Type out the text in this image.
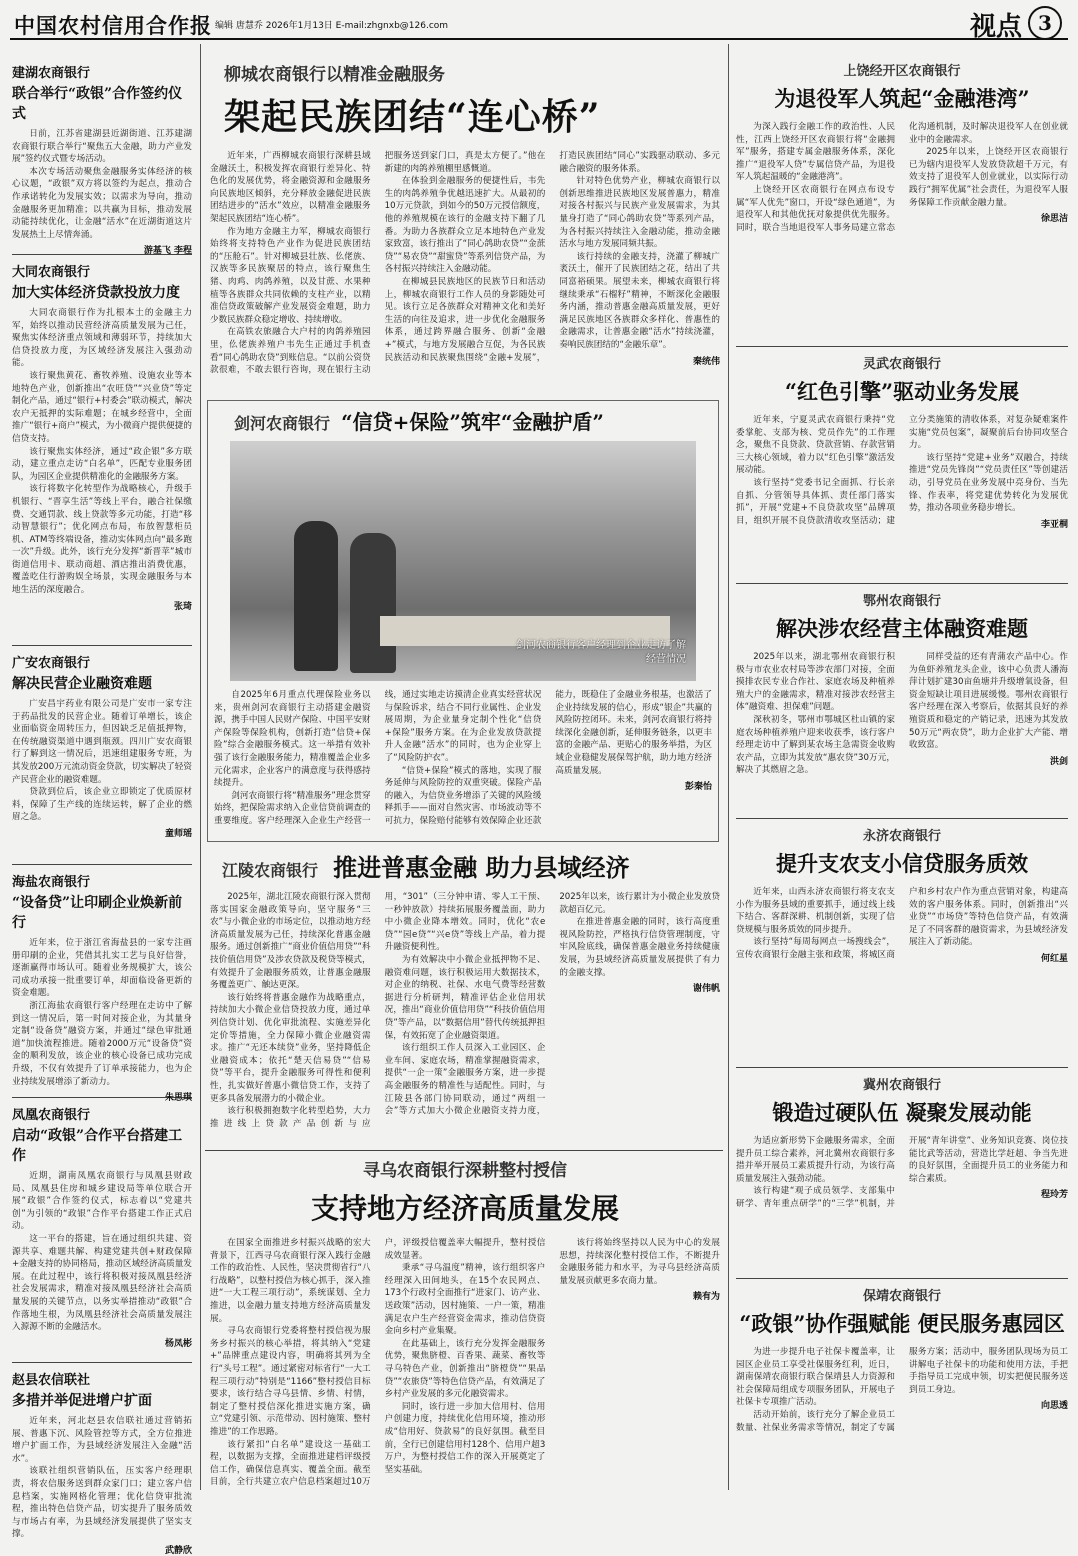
中国农村信用合作报 编辑 唐慧乔 2026年1月13日 E-mail:zhgnxb@126.com	视点 3
建湖农商银行
联合举行“政银”合作签约仪式

日前，江苏省建湖县近湖街道、江苏建湖农商银行联合举行“聚焦五大金融，助力产业发展”签约仪式暨专场活动。

本次专场活动聚焦金融服务实体经济的核心议题，“政银”双方将以签约为起点，推动合作承诺转化为发展实效；以需求为导向，推动金融服务更加精准；以共赢为目标，推动发展动能持续优化，让金融“活水”在近湖街道这片发展热土上尽情奔涌。

游基飞 李程
大同农商银行
加大实体经济贷款投放力度

大同农商银行作为扎根本土的金融主力军，始终以推动民营经济高质量发展为己任，聚焦实体经济重点领域和薄弱环节，持续加大信贷投放力度，为区域经济发展注入强劲动能。

该行聚焦黄花、畜牧养殖、设施农业等本地特色产业，创新推出“农旺贷”“兴业贷”等定制化产品，通过“银行+村委会”联动模式，解决农户无抵押的实际难题；在城乡经营中，全面推广“银行+商户”模式，为小微商户提供便捷的信贷支持。

该行聚焦实体经济，通过“政企银”多方联动，建立重点走访“白名单”，匹配专业服务团队，为园区企业提供精准化的金融服务方案。

该行将数字化转型作为战略核心，升级手机银行、“晋享生活”等线上平台，融合社保缴费、交通罚款、线上贷款等多元功能，打造“移动智慧银行”；优化网点布局，布放智慧柜员机、ATM等终端设备，推动实体网点向“最多跑一次”升级。此外，该行充分发挥“新晋苹”城市街道信用卡、联动商超、酒店推出消费优惠，覆盖吃住行游购娱全场景，实现金融服务与本地生活的深度融合。

张琦
广安农商银行
解决民营企业融资难题

广安昌宇药业有限公司是广安市一家专注于药品批发的民营企业。随着订单增长，该企业面临资金周转压力，但因缺乏足值抵押物，在传统融资渠道中遇到瓶颈。四川广安农商银行了解到这一情况后，迅速组建服务专班，为其发放200万元流动资金贷款，切实解决了轻资产民营企业的融资难题。

贷款到位后，该企业立即锁定了优质原材料，保障了生产线的连续运转，解了企业的燃眉之急。

童师瑶
海盐农商银行
“设备贷”让印刷企业焕新前行

近年来，位于浙江省海盐县的一家专注画册印刷的企业，凭借其扎实工艺与良好信誉，逐渐赢得市场认可。随着业务规模扩大，该公司成功承接一批重要订单，却面临设备更新的资金难题。

浙江海盐农商银行客户经理在走访中了解到这一情况后，第一时间对接企业，为其量身定制“设备贷”融资方案，并通过“绿色审批通道”加快流程推进。随着2000万元“设备贷”资金的顺利发放，该企业的核心设备已成功完成升级，不仅有效提升了订单承接能力，也为企业持续发展增添了新动力。

朱思琪
凤凰农商银行
启动“政银”合作平台搭建工作

近期，湖南凤凰农商银行与凤凰县财政局、凤凰县住房和城乡建设局等单位联合开展“政银”合作签约仪式，标志着以“党建共创”为引领的“政银”合作平台搭建工作正式启动。

这一平台的搭建，旨在通过组织共建、资源共享、难题共解、构建党建共创+财政保障+金融支持的协同格局，推动区域经济高质量发展。在此过程中，该行将积极对接凤凰县经济社会发展需求，精准对接凤凰县经济社会高质量发展的关键节点，以务实举措推动“政银”合作落地生根，为凤凰县经济社会高质量发展注入源源不断的金融活水。

杨凤彬
赵县农信联社
多措并举促进增户扩面

近年来，河北赵县农信联社通过营销拓展、普惠下沉、风险管控等方式，全方位推进增户扩面工作，为县域经济发展注入金融“活水”。

该联社组织营销队伍，压实客户经理职责，将农信服务送到群众家门口；建立客户信息档案，实施网格化管理；优化信贷审批流程，推出特色信贷产品，切实提升了服务质效与市场占有率，为县域经济发展提供了坚实支撑。

武静欣
柳城农商银行以精准金融服务
架起民族团结“连心桥”

近年来，广西柳城农商银行深耕县域金融沃土，积极发挥农商银行差异化、特色化的发展优势，将金融资源和金融服务向民族地区倾斜，充分释放金融促进民族团结进步的“活水”效应，以精准金融服务架起民族团结“连心桥”。

作为地方金融主力军，柳城农商银行始终将支持特色产业作为促进民族团结的“压舱石”。针对柳城县壮族、仫佬族、汉族等多民族聚居的特点，该行聚焦生猪、肉鸡、肉鸽养殖，以及甘蔗、水果种植等各族群众共同依赖的支柱产业，以精准信贷政策破解产业发展资金难题，助力少数民族群众稳定增收、持续增收。

在高铁农旅融合大户村的肉鸽养殖园里，仫佬族养殖户韦先生正通过手机查看“同心鸽助农贷”到账信息。“以前公资贷款很难，不敢去银行咨询，现在银行主动把服务送到家门口，真是太方便了。”他在新建的肉鸽养殖棚里感慨道。

在体验到金融服务的便捷性后，韦先生的肉鸽养殖争优越迅速扩大。从最初的10万元贷款，到如今的50万元授信额度，他的养殖规模在该行的金融支持下翻了几番。为助力各族群众立足本地特色产业发家致富，该行推出了“同心鸽助农贷”“金蔗贷”“易农贷”“甜蜜贷”等系列信贷产品，为各村振兴持续注入金融动能。

在柳城县民族地区的民族节日和活动上，柳城农商银行工作人员的身影随处可见。该行立足各族群众对精神文化和美好生活的向往及追求，进一步优化金融服务体系，通过跨界融合服务、创新“金融+”模式，与地方发展融合互促，为各民族民族活动和民族聚焦围绕“金融+发展”，打造民族团结“同心”实践驱动联动、多元融合融资的服务体系。

针对特色优势产业，柳城农商银行以创新思维推进民族地区发展普惠力，精准对接各村振兴与民族产业发展需求，为其量身打造了“同心鸽助农贷”等系列产品，为各村振兴持续注入金融动能，推动金融活水与地方发展同频共振。

该行持续的金融支持，浇灌了柳城广袤沃土，催开了民族团结之花，结出了共同富裕硕果。展望未来，柳城农商银行将继续秉承“石榴籽”精神，不断深化金融服务内涵，推动普惠金融高质量发展，更好满足民族地区各族群众多样化、普惠性的金融需求，让普惠金融“活水”持续浇灌，奏响民族团结的“金融乐章”。

秦统伟
剑河农商银行 “信贷+保险”筑牢“金融护盾”
剑河农商银行客户经理到企业走访了解
经营情况

自2025年6月重点代理保险业务以来，贵州剑河农商银行主动搭建金融资源，携手中国人民财产保险、中国平安财产保险等保险机构，创新打造“信贷+保险”综合金融服务模式。这一举措有效补强了该行金融服务能力，精准覆盖企业多元化需求，企业客户的满意度与获得感持续提升。

剑河农商银行将“精准服务”理念贯穿始终，把保险需求纳入企业信贷前调查的重要维度。客户经理深入企业生产经营一线，通过实地走访摸清企业真实经营状况与保险诉求，结合不同行业属性、企业发展周期，为企业量身定制个性化“信贷+保险”服务方案。在为企业发放贷款提升人金融“活水”的同时，也为企业穿上了“风险防护衣”。

“信贷+保险”模式的落地，实现了服务延伸与风险防控的双重突破。保险产品的融入，为信贷业务增添了关键的风险缓释抓手——面对自然灾害、市场波动等不可抗力，保险赔付能够有效保障企业还款能力，既稳住了金融业务根基，也激活了企业持续发展的信心，形成“银企”共赢的风险防控闭环。未来，剑河农商银行将持续深化金融创新，延伸服务链条，以更丰富的金融产品、更贴心的服务举措，为区域企业稳健发展保驾护航，助力地方经济高质量发展。

彭秦怡
江陵农商银行 推进普惠金融 助力县域经济

2025年，湖北江陵农商银行深入贯彻落实国家金融政策导向，坚守服务“三农”与小微企业的市场定位，以推动地方经济高质量发展为己任，持续深化普惠金融服务。通过创新推广“商业价值信用贷”“科技价值信用贷”及涉农贷款及税贷等模式，有效提升了金融服务质效，让普惠金融服务覆盖更广、触达更深。

该行始终将普惠金融作为战略重点，持续加大小微企业信贷投放力度，通过单列信贷计划、优化审批流程、实施差异化定价等措施，全力保障小微企业融资需求。推广“无还本续贷”业务，坚持降低企业融资成本；依托“楚天信易贷”“信易贷”等平台，提升金融服务可得性和便利性，扎实做好普惠小微信贷工作，支持了更多具备发展潜力的小微企业。

该行积极拥抱数字化转型趋势，大力推进线上贷款产品创新与应用，“301”（三分钟申请、零人工干预、一秒钟放款）持续拓展服务覆盖面，助力中小微企业降本增效。同时，优化“农e贷”“园e贷”“兴e贷”等线上产品，着力提升融资便利性。

为有效解决中小微企业抵押物不足、融资难问题，该行积极运用大数据技术，对企业的纳税、社保、水电气费等经营数据进行分析研判，精准评估企业信用状况，推出“商业价值信用贷”“科技价值信用贷”等产品，以“数据信用”替代传统抵押担保，有效拓宽了企业融资渠道。

该行组织工作人员深入工业园区、企业车间、家庭农场，精准掌握融资需求，提供“一企一策”金融服务方案，进一步提高金融服务的精准性与适配性。同时，与江陵县各部门协同联动，通过“两组一会”等方式加大小微企业融资支持力度，2025年以来，该行累计为小微企业发放贷款超百亿元。

在推进普惠金融的同时，该行高度重视风险防控，严格执行信贷管理制度，守牢风险底线，确保普惠金融业务持续健康发展，为县域经济高质量发展提供了有力的金融支撑。

谢伟帆
寻乌农商银行深耕整村授信
支持地方经济高质量发展

在国家全面推进乡村振兴战略的宏大背景下，江西寻乌农商银行深入践行金融工作的政治性、人民性，坚决贯彻省行“八行战略”，以整村授信为核心抓手，深入推进“一大工程三项行动”，系统谋划、全力推进，以金融力量支持地方经济高质量发展。

寻乌农商银行党委将整村授信视为服务乡村振兴的核心举措，将其纳入“党建+”品牌重点建设内容，明确将其列为全行“头号工程”。通过紧密对标省行“一大工程三项行动”特别是“1166”整村授信目标要求，该行结合寻乌县情、乡情、村情，制定了整村授信深化推进实施方案，确立“党建引领、示范带动、因村施策、整村推进”的工作思路。

该行紧扣“白名单”建设这一基础工程，以数据为支撑，全面推进建档评级授信工作，确保信息真实、覆盖全面。截至目前，全行共建立农户信息档案超过10万户，评级授信覆盖率大幅提升，整村授信成效显著。

秉承“寻乌温度”精神，该行组织客户经理深入田间地头，在15个农民网点、173个行政村全面推行“进家门、访产业、送政策”活动，因村施策、一户一策，精准满足农户生产经营资金需求，推动信贷资金向乡村产业集聚。

在此基础上，该行充分发挥金融服务优势，聚焦脐橙、百香果、蔬菜、畜牧等寻乌特色产业，创新推出“脐橙贷”“果品贷”“农旅贷”等特色信贷产品，有效满足了乡村产业发展的多元化融资需求。

同时，该行进一步加大信用村、信用户创建力度，持续优化信用环境，推动形成“信用好、贷款易”的良好氛围。截至目前，全行已创建信用村128个、信用户超3万户，为整村授信工作的深入开展奠定了坚实基础。

该行将始终坚持以人民为中心的发展思想，持续深化整村授信工作，不断提升金融服务能力和水平，为寻乌县经济高质量发展贡献更多农商力量。

赖有为
上饶经开区农商银行
为退役军人筑起“金融港湾”

为深入践行金融工作的政治性、人民性，江西上饶经开区农商银行将“金融拥军”服务，搭建专属金融服务体系，深化推广“退役军人贷”专属信贷产品，为退役军人筑起温暖的“金融港湾”。

上饶经开区农商银行在网点布设专属“军人优先”窗口，开设“绿色通道”，为退役军人和其他优抚对象提供优先服务。同时，联合当地退役军人事务局建立常态化沟通机制，及时解决退役军人在创业就业中的金融需求。

2025年以来，上饶经开区农商银行已为辖内退役军人发放贷款超千万元，有效支持了退役军人创业就业，以实际行动践行“拥军优属”社会责任，为退役军人服务保障工作贡献金融力量。

徐思洁
灵武农商银行
“红色引擎”驱动业务发展

近年来，宁夏灵武农商银行秉持“党委掌舵、支部为核、党员作先”的工作理念，聚焦不良贷款、贷款营销、存款营销三大核心领域，着力以“红色引擎”激活发展动能。

该行坚持“党委书记全面抓、行长亲自抓、分管领导具体抓、责任部门落实抓”，开展“党建+不良贷款攻坚”品牌项目，组织开展不良贷款清收攻坚活动；建立分类施策的清收体系，对复杂疑难案件实施“党员包案”，凝聚前后台协同攻坚合力。

该行坚持“党建+业务”双融合，持续推进“党员先锋岗”“党员责任区”等创建活动，引导党员在业务发展中亮身份、当先锋、作表率，将党建优势转化为发展优势，推动各项业务稳步增长。

李亚桐
鄂州农商银行
解决涉农经营主体融资难题

2025年以来，湖北鄂州农商银行积极与市农业农村局等涉农部门对接，全面摸排农民专业合作社、家庭农场及种植养殖大户的金融需求，精准对接涉农经营主体“融资难、担保难”问题。

深秋初冬，鄂州市鄂城区杜山镇的家庭农场种植养殖户迎来收获季，该行客户经理走访中了解到某农场主急需资金收购农产品，立即为其发放“惠农贷”30万元，解决了其燃眉之急。

同样受益的还有青蒲农产品中心。作为鱼虾养殖龙头企业，该中心负责人潘海萍计划扩建30亩鱼塘并升级增氧设备，但资金短缺让项目进展缓慢。鄂州农商银行客户经理在深入考察后，依据其良好的养殖资质和稳定的产销记录，迅速为其发放50万元“两农贷”，助力企业扩大产能、增收致富。

洪剑
永济农商银行
提升支农支小信贷服务质效

近年来，山西永济农商银行将支农支小作为服务县域的重要抓手，通过线上线下结合、客群深耕、机制创新，实现了信贷规模与服务质效的同步提升。

该行坚持“每周每网点一场搜线会”，宣传农商银行金融主张和政策，将城区商户和乡村农户作为重点营销对象，构建高效的客户服务体系。同时，创新推出“兴业贷”“市场贷”等特色信贷产品，有效满足了不同客群的融资需求，为县域经济发展注入了新动能。

何红星
冀州农商银行
锻造过硬队伍 凝聚发展动能

为适应新形势下金融服务需求，全面提升员工综合素养，河北冀州农商银行多措并举开展员工素质提升行动，为该行高质量发展注入强劲动能。

该行构建“观子成员领学、支部集中研学、青年重点研学”的“三学”机制，并开展“青年讲堂”、业务知识竞赛、岗位技能比武等活动，营造比学赶超、争当先进的良好氛围，全面提升员工的业务能力和综合素质。

程玲芳
保靖农商银行
“政银”协作强赋能 便民服务惠园区

为进一步提升电子社保卡覆盖率，让园区企业员工享受社保服务红利，近日，湖南保靖农商银行联合保靖县人力资源和社会保障局组成专项服务团队，开展电子社保卡专项推广活动。

活动开始前，该行充分了解企业员工数量、社保业务需求等情况，制定了专属服务方案；活动中，服务团队现场为员工讲解电子社保卡的功能和使用方法，手把手指导员工完成申领，切实把便民服务送到员工身边。

向思透
